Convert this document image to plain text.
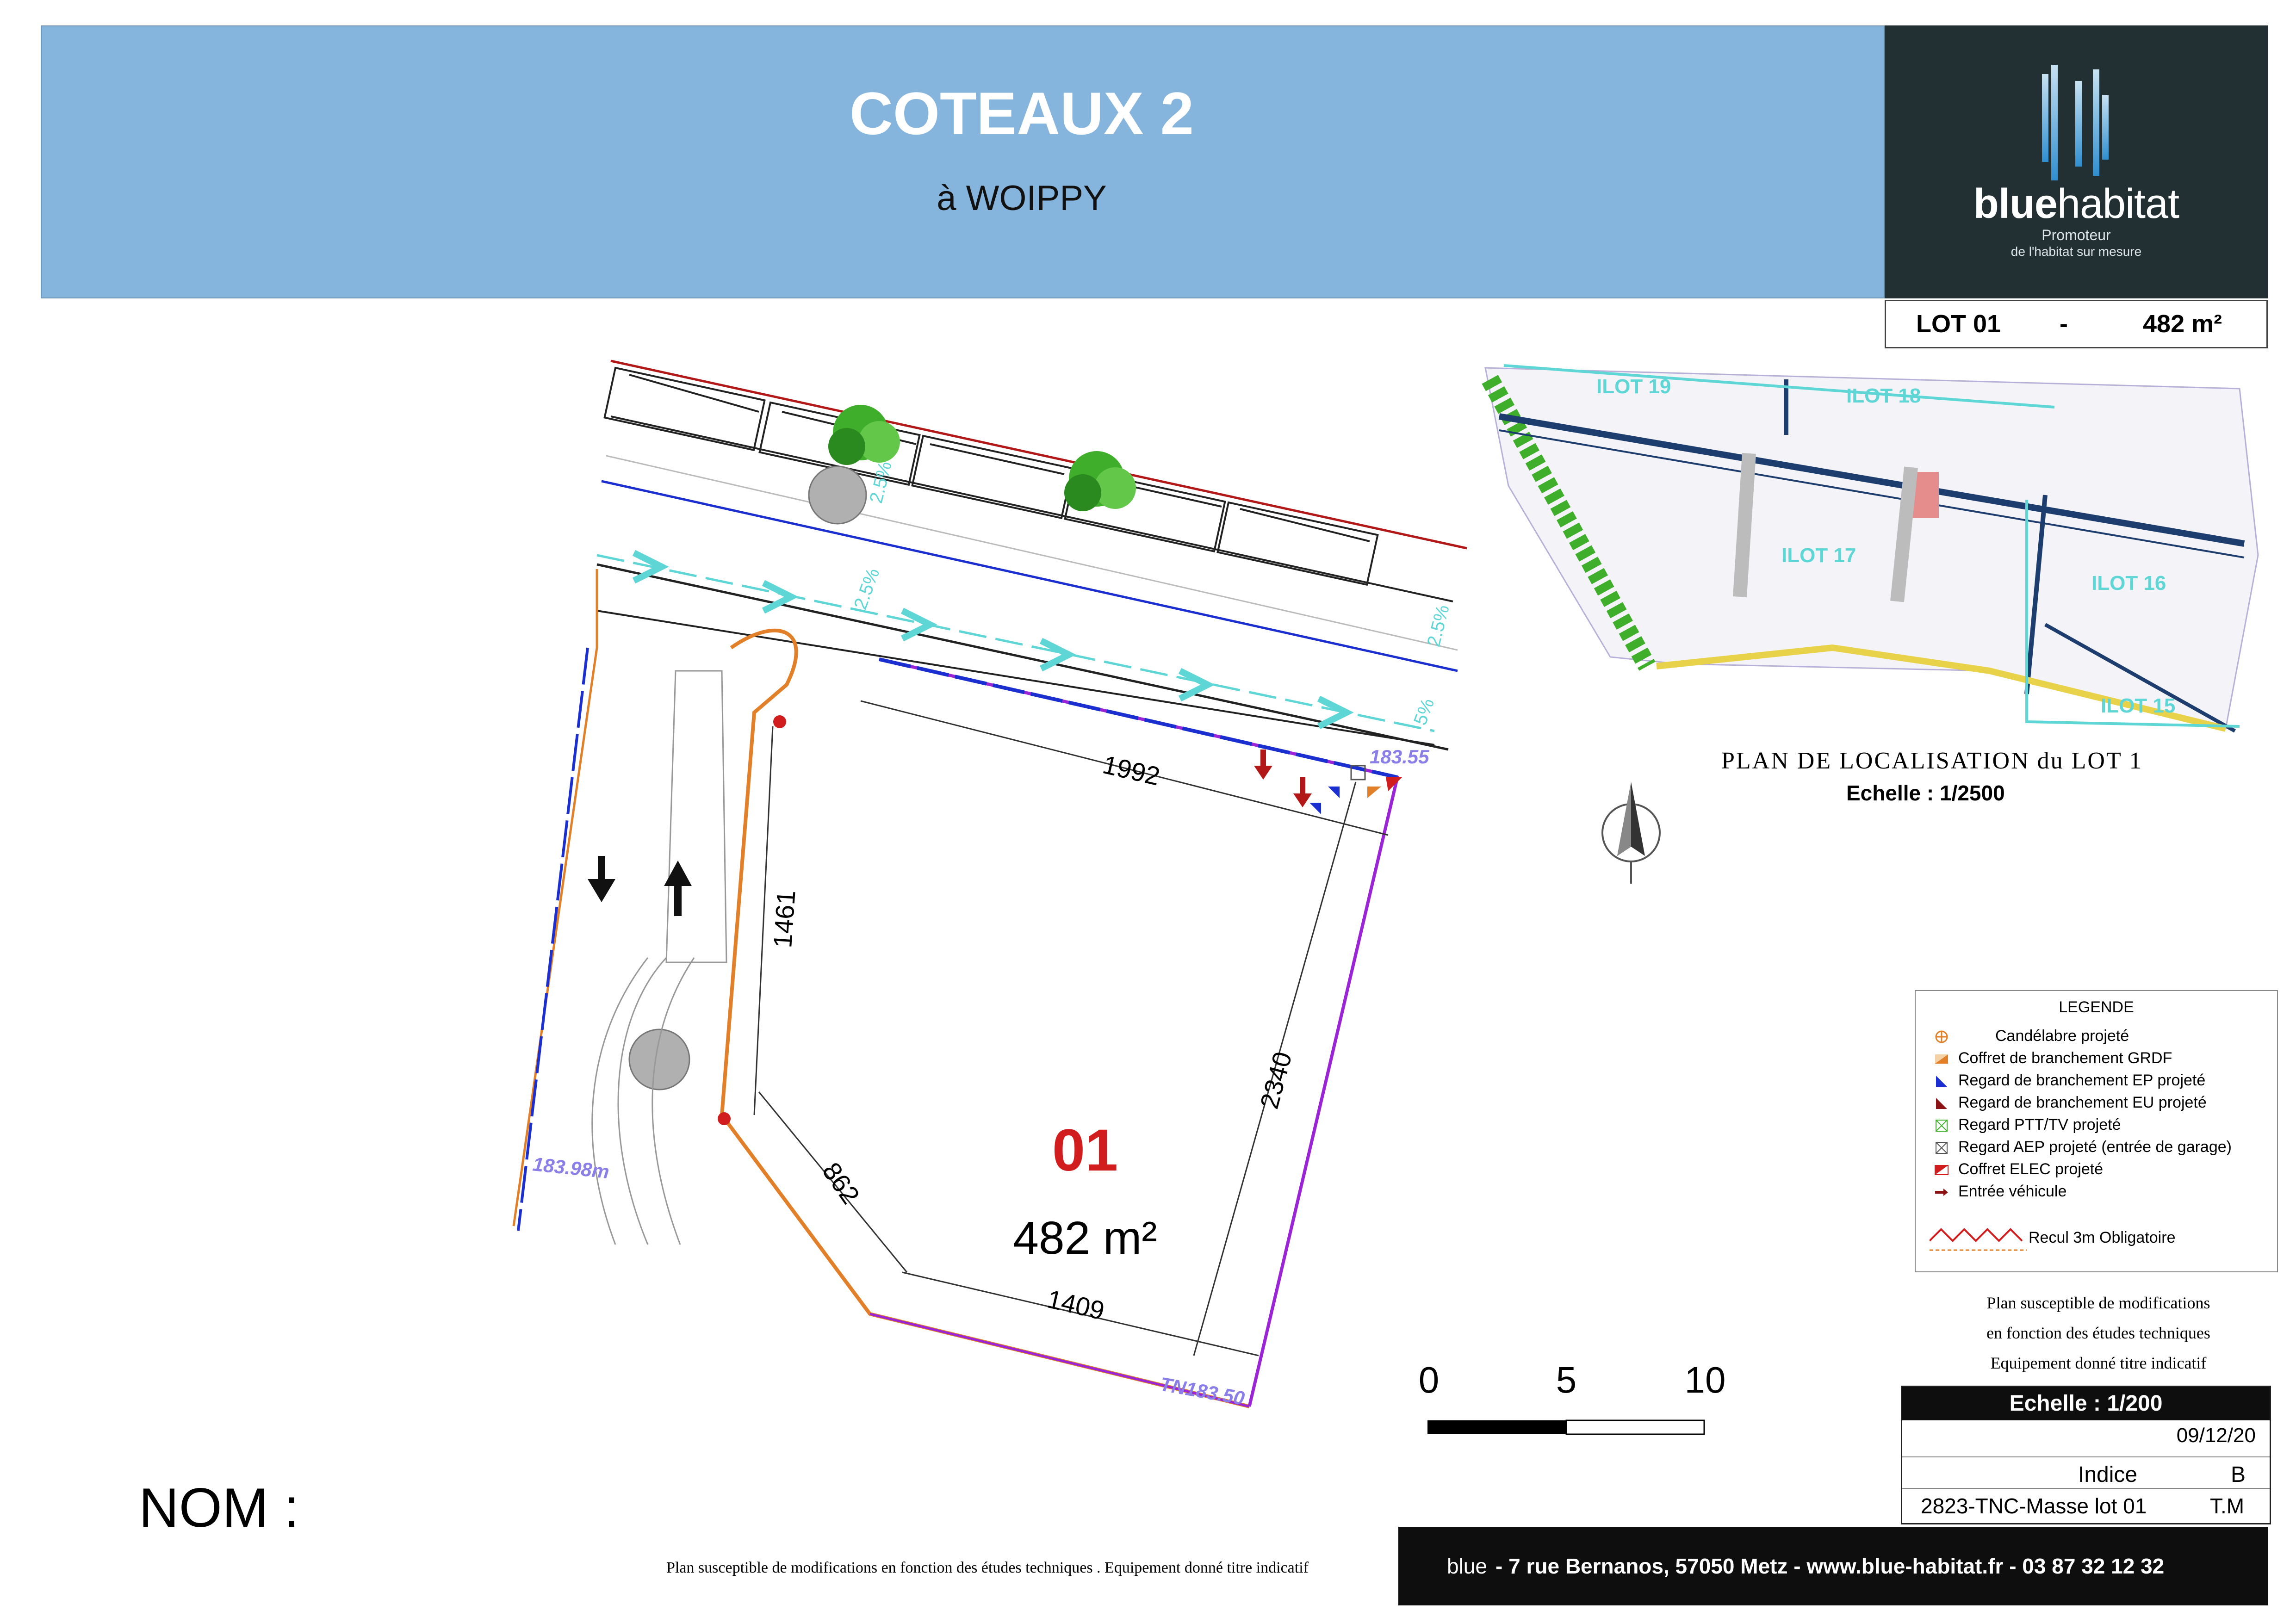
COTEAUX 2
à WOIPPY	bluehabitat
Promoteur
de l'habitat sur mesure
LOT 01 -	482 m²
2.5%
2.5%
2.5%
5%
1992
1461
2340
862
1409
183.55
TN183.50
183.98m	01
482 m²
ILOT 19	ILOT 18
ILOT 17
ILOT 16
ILOT 15
PLAN DE LOCALISATION du LOT 1
Echelle : 1/2500
0	5	10
LEGENDE
Candélabre projeté
Coffret de branchement GRDF
Regard de branchement EP projeté
Regard de branchement EU projeté
Regard PTT/TV projeté
Regard AEP projeté (entrée de garage)
Coffret ELEC projeté
Entrée véhicule
Recul 3m Obligatoire
Plan susceptible de modifications
en fonction des études techniques
Equipement donné titre indicatif
Echelle : 1/200
09/12/20
Indice	B
2823-TNC-Masse lot 01	T.M
blue - 7 rue Bernanos, 57050 Metz - www.blue-habitat.fr - 03 87 32 12 32
NOM :
Plan susceptible de modifications en fonction des études techniques . Equipement donné titre indicatif
